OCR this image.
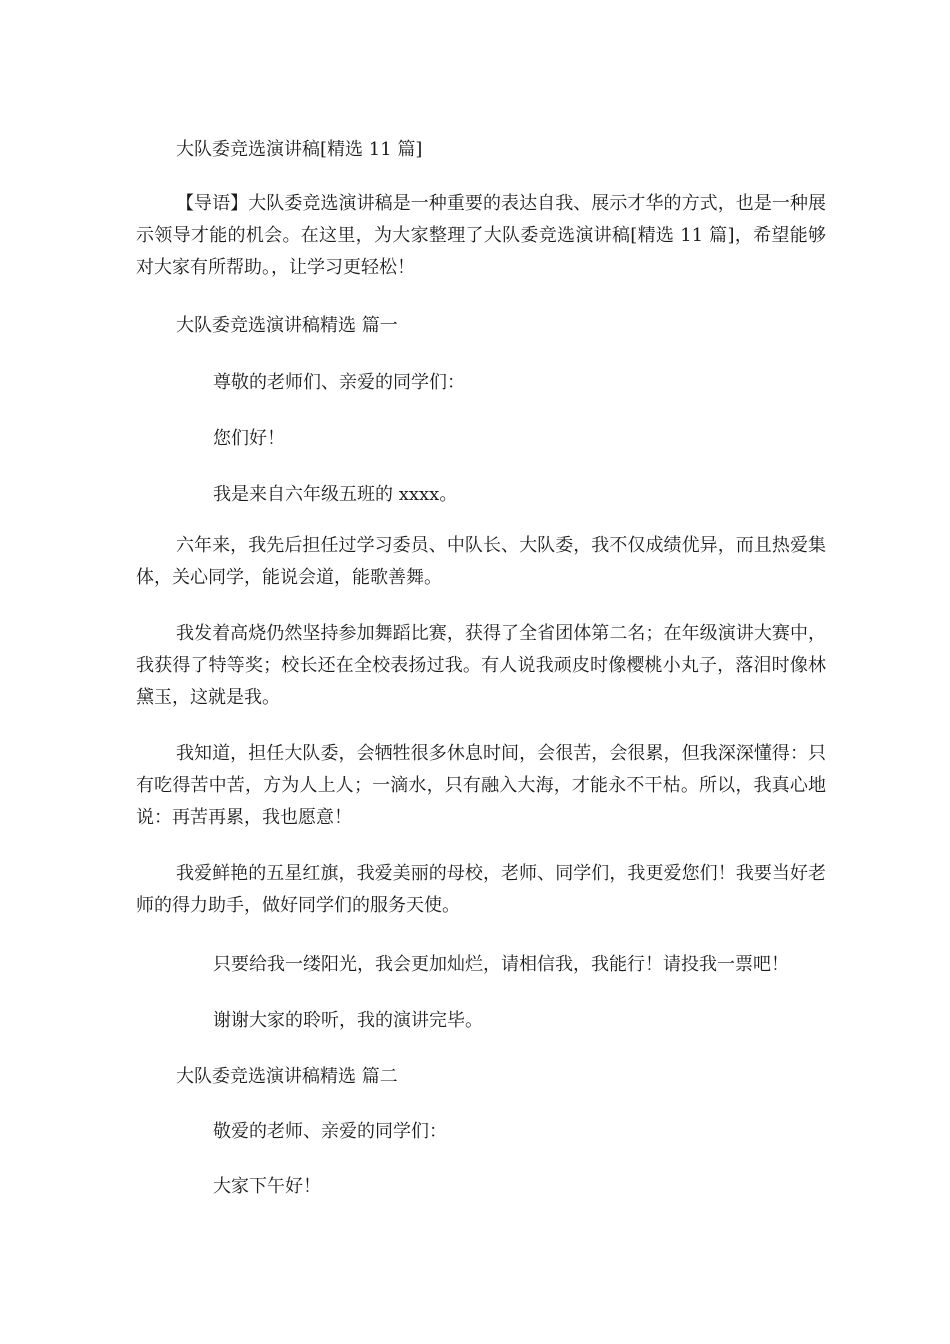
大队委竞选演讲稿[精选 11 篇]

【导语】大队委竞选演讲稿是一种重要的表达自我、展示才华的方式，也是一种展示领导才能的机会。在这里，为大家整理了大队委竞选演讲稿[精选 11 篇]，希望能够对大家有所帮助。，让学习更轻松！

大队委竞选演讲稿精选 篇一

尊敬的老师们、亲爱的同学们：

您们好！

我是来自六年级五班的 xxxx。

六年来，我先后担任过学习委员、中队长、大队委，我不仅成绩优异，而且热爱集体，关心同学，能说会道，能歌善舞。
我发着高烧仍然坚持参加舞蹈比赛，获得了全省团体第二名；在年级演讲大赛中，我获得了特等奖；校长还在全校表扬过我。有人说我顽皮时像樱桃小丸子，落泪时像林黛玉，这就是我。
我知道，担任大队委，会牺牲很多休息时间，会很苦，会很累，但我深深懂得：只有吃得苦中苦，方为人上人；一滴水，只有融入大海，才能永不干枯。所以，我真心地说：再苦再累，我也愿意！
我爱鲜艳的五星红旗，我爱美丽的母校，老师、同学们，我更爱您们！我要当好老师的得力助手，做好同学们的服务天使。

只要给我一缕阳光，我会更加灿烂，请相信我，我能行！请投我一票吧！

谢谢大家的聆听，我的演讲完毕。

大队委竞选演讲稿精选 篇二

敬爱的老师、亲爱的同学们：

大家下午好！
